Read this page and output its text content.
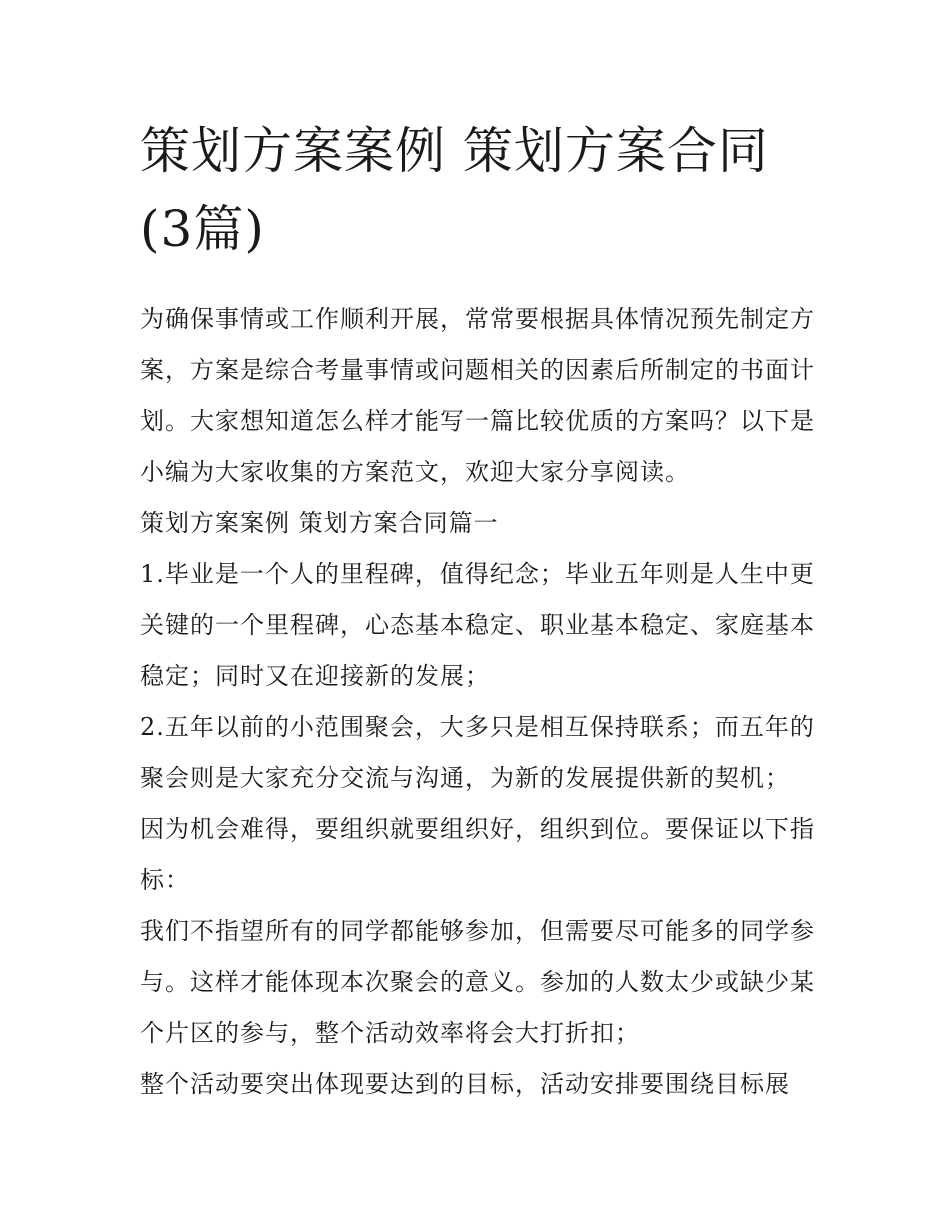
策划方案案例 策划方案合同(3篇)

为确保事情或工作顺利开展，常常要根据具体情况预先制定方案，方案是综合考量事情或问题相关的因素后所制定的书面计划。大家想知道怎么样才能写一篇比较优质的方案吗？以下是小编为大家收集的方案范文，欢迎大家分享阅读。

策划方案案例 策划方案合同篇一

1.毕业是一个人的里程碑，值得纪念；毕业五年则是人生中更关键的一个里程碑，心态基本稳定、职业基本稳定、家庭基本稳定；同时又在迎接新的发展；

2.五年以前的小范围聚会，大多只是相互保持联系；而五年的聚会则是大家充分交流与沟通，为新的发展提供新的契机；

因为机会难得，要组织就要组织好，组织到位。要保证以下指标：

我们不指望所有的同学都能够参加，但需要尽可能多的同学参与。这样才能体现本次聚会的意义。参加的人数太少或缺少某个片区的参与，整个活动效率将会大打折扣；

整个活动要突出体现要达到的目标，活动安排要围绕目标展
